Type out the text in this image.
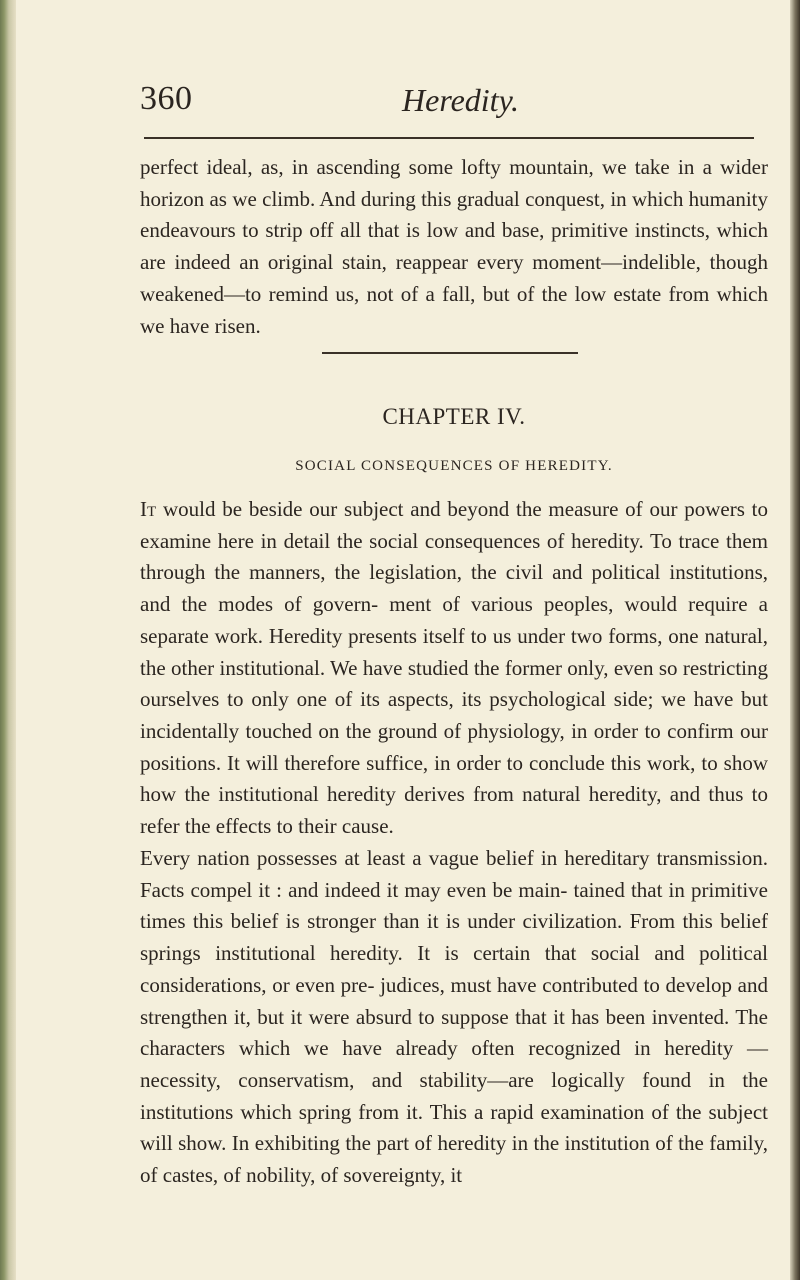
360	Heredity.

perfect ideal, as, in ascending some lofty mountain, we take in a wider horizon as we climb. And during this gradual conquest, in which humanity endeavours to strip off all that is low and base, primitive instincts, which are indeed an original stain, reappear every moment—indelible, though weakened—to remind us, not of a fall, but of the low estate from which we have risen.

CHAPTER IV.
SOCIAL CONSEQUENCES OF HEREDITY.

It would be beside our subject and beyond the measure of our powers to examine here in detail the social consequences of heredity. To trace them through the manners, the legislation, the civil and political institutions, and the modes of govern- ment of various peoples, would require a separate work. Heredity presents itself to us under two forms, one natural, the other institutional. We have studied the former only, even so restricting ourselves to only one of its aspects, its psychological side; we have but incidentally touched on the ground of physiology, in order to confirm our positions. It will therefore suffice, in order to conclude this work, to show how the institutional heredity derives from natural heredity, and thus to refer the effects to their cause.

Every nation possesses at least a vague belief in hereditary transmission. Facts compel it : and indeed it may even be main- tained that in primitive times this belief is stronger than it is under civilization. From this belief springs institutional heredity. It is certain that social and political considerations, or even pre- judices, must have contributed to develop and strengthen it, but it were absurd to suppose that it has been invented. The characters which we have already often recognized in heredity —necessity, conservatism, and stability—are logically found in the institutions which spring from it. This a rapid examination of the subject will show. In exhibiting the part of heredity in the institution of the family, of castes, of nobility, of sovereignty, it
